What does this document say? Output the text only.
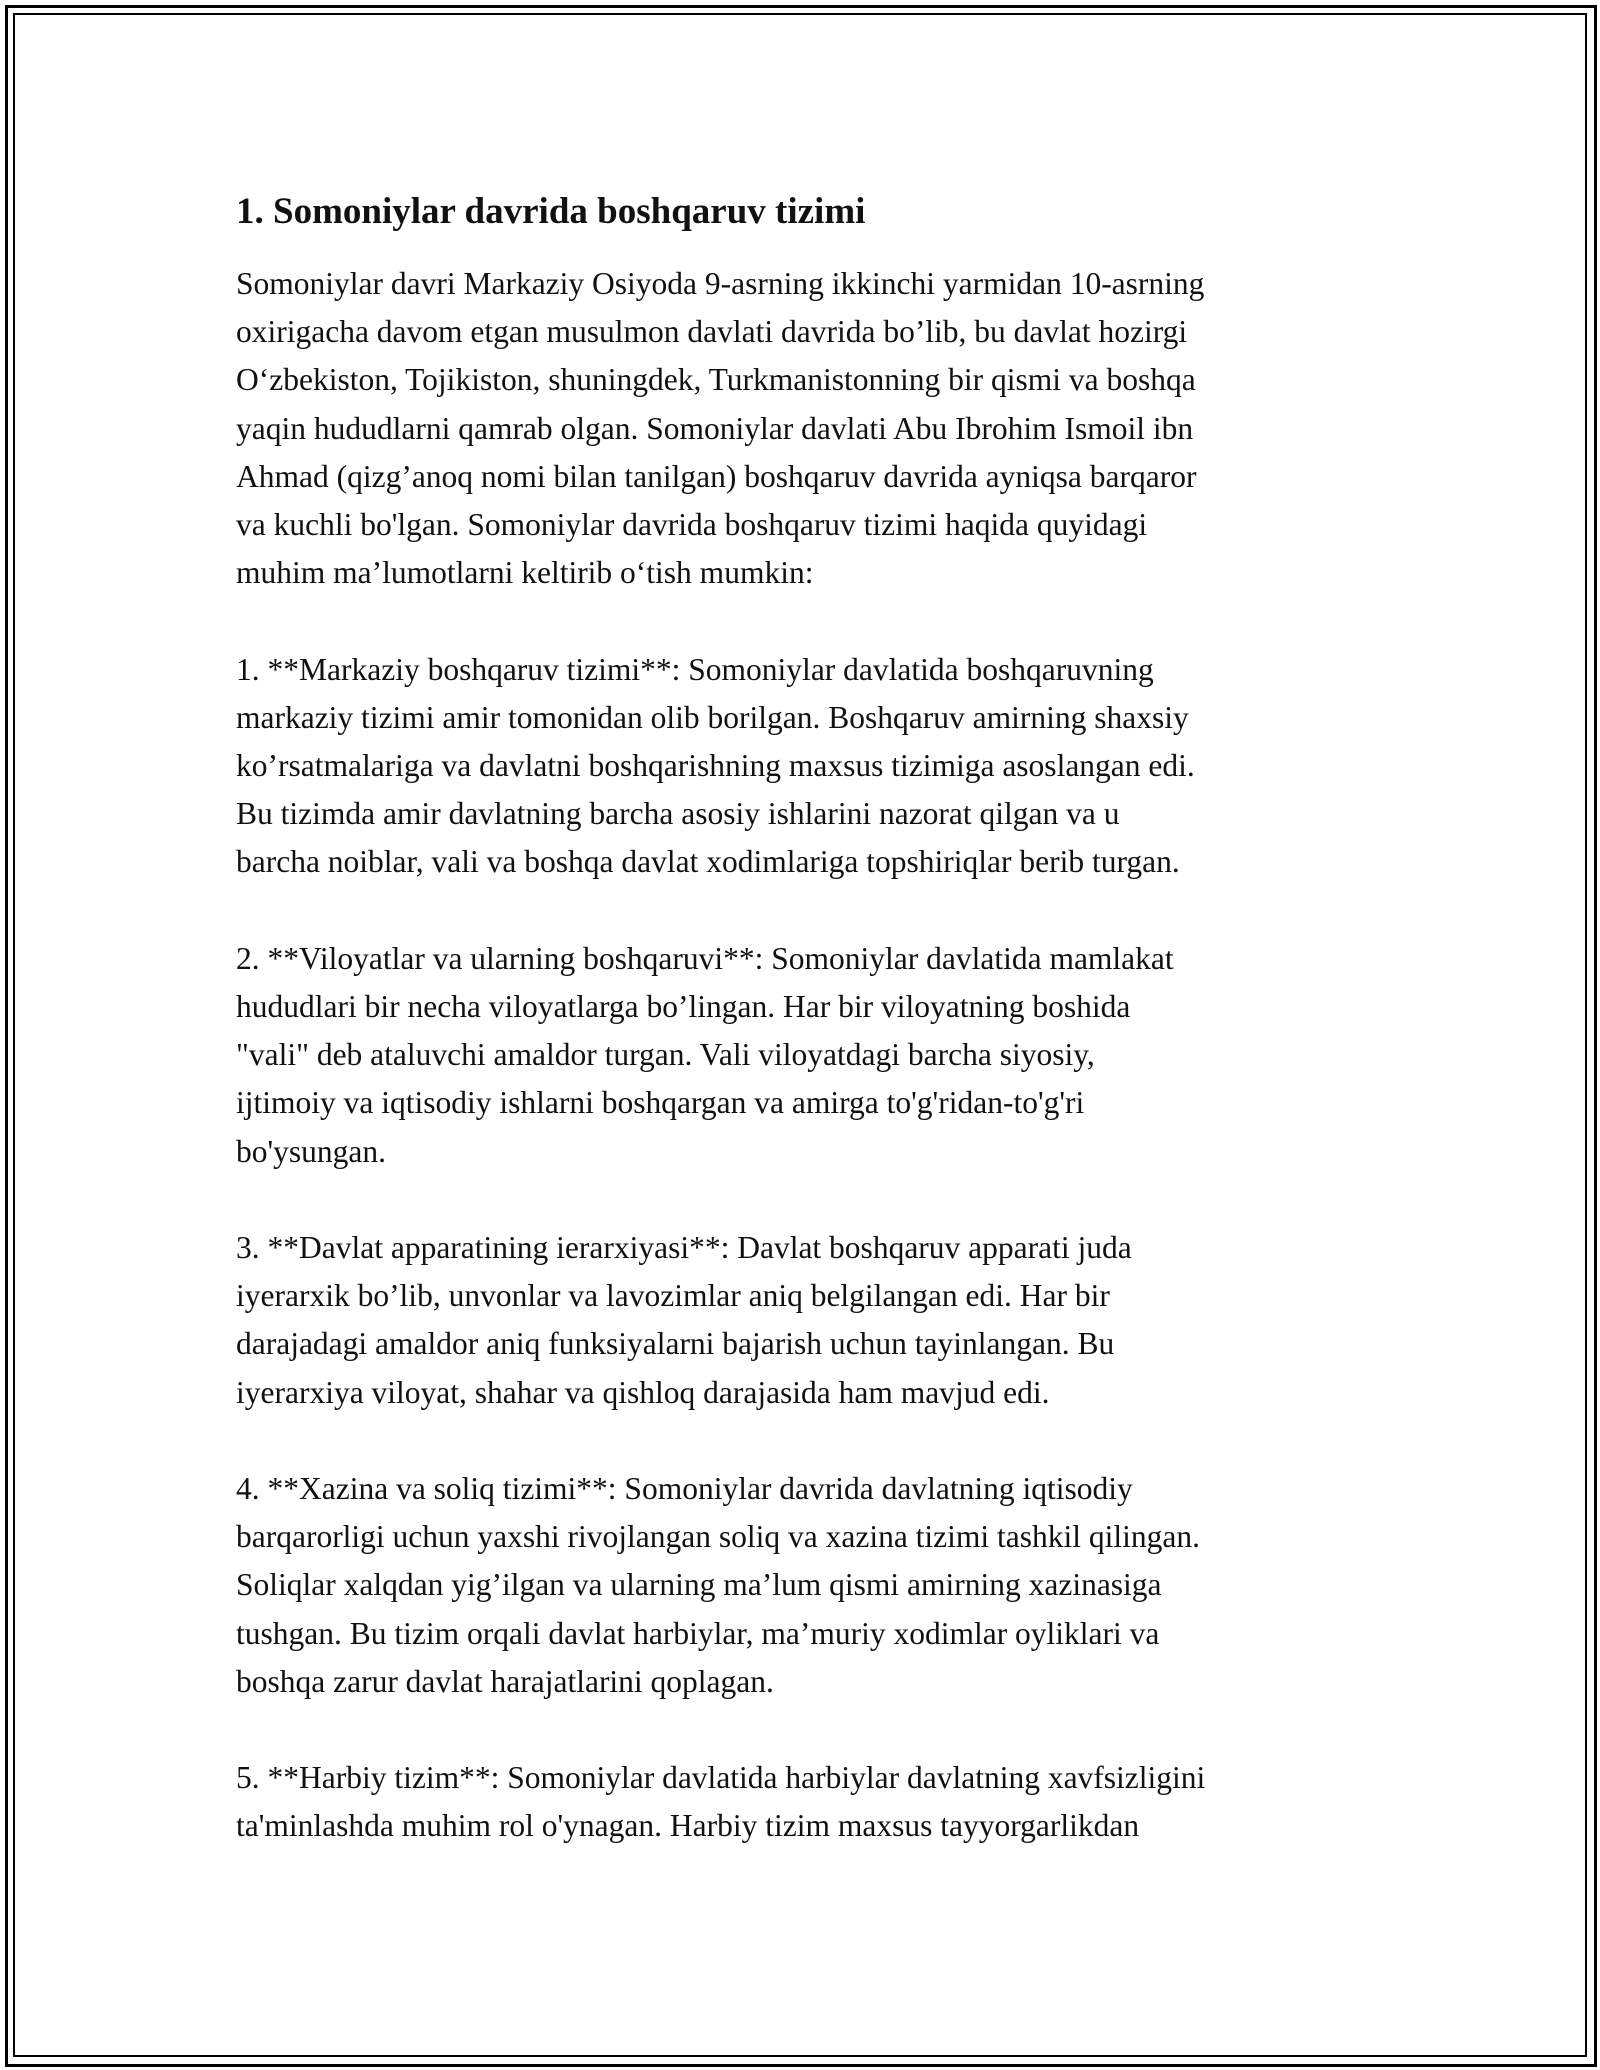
1. Somoniylar davrida boshqaruv tizimi

Somoniylar davri Markaziy Osiyoda 9-asrning ikkinchi yarmidan 10-asrning
oxirigacha davom etgan musulmon davlati davrida bo’lib, bu davlat hozirgi
O‘zbekiston, Tojikiston, shuningdek, Turkmanistonning bir qismi va boshqa
yaqin hududlarni qamrab olgan. Somoniylar davlati Abu Ibrohim Ismoil ibn
Ahmad (qizg’anoq nomi bilan tanilgan) boshqaruv davrida ayniqsa barqaror
va kuchli bo'lgan. Somoniylar davrida boshqaruv tizimi haqida quyidagi
muhim ma’lumotlarni keltirib o‘tish mumkin:

1. **Markaziy boshqaruv tizimi**: Somoniylar davlatida boshqaruvning
markaziy tizimi amir tomonidan olib borilgan. Boshqaruv amirning shaxsiy
ko’rsatmalariga va davlatni boshqarishning maxsus tizimiga asoslangan edi.
Bu tizimda amir davlatning barcha asosiy ishlarini nazorat qilgan va u
barcha noiblar, vali va boshqa davlat xodimlariga topshiriqlar berib turgan.

2. **Viloyatlar va ularning boshqaruvi**: Somoniylar davlatida mamlakat
hududlari bir necha viloyatlarga bo’lingan. Har bir viloyatning boshida
"vali" deb ataluvchi amaldor turgan. Vali viloyatdagi barcha siyosiy,
ijtimoiy va iqtisodiy ishlarni boshqargan va amirga to'g'ridan-to'g'ri
bo'ysungan.

3. **Davlat apparatining ierarxiyasi**: Davlat boshqaruv apparati juda
iyerarxik bo’lib, unvonlar va lavozimlar aniq belgilangan edi. Har bir
darajadagi amaldor aniq funksiyalarni bajarish uchun tayinlangan. Bu
iyerarxiya viloyat, shahar va qishloq darajasida ham mavjud edi.

4. **Xazina va soliq tizimi**: Somoniylar davrida davlatning iqtisodiy
barqarorligi uchun yaxshi rivojlangan soliq va xazina tizimi tashkil qilingan.
Soliqlar xalqdan yig’ilgan va ularning ma’lum qismi amirning xazinasiga
tushgan. Bu tizim orqali davlat harbiylar, ma’muriy xodimlar oyliklari va
boshqa zarur davlat harajatlarini qoplagan.

5. **Harbiy tizim**: Somoniylar davlatida harbiylar davlatning xavfsizligini
ta'minlashda muhim rol o'ynagan. Harbiy tizim maxsus tayyorgarlikdan
